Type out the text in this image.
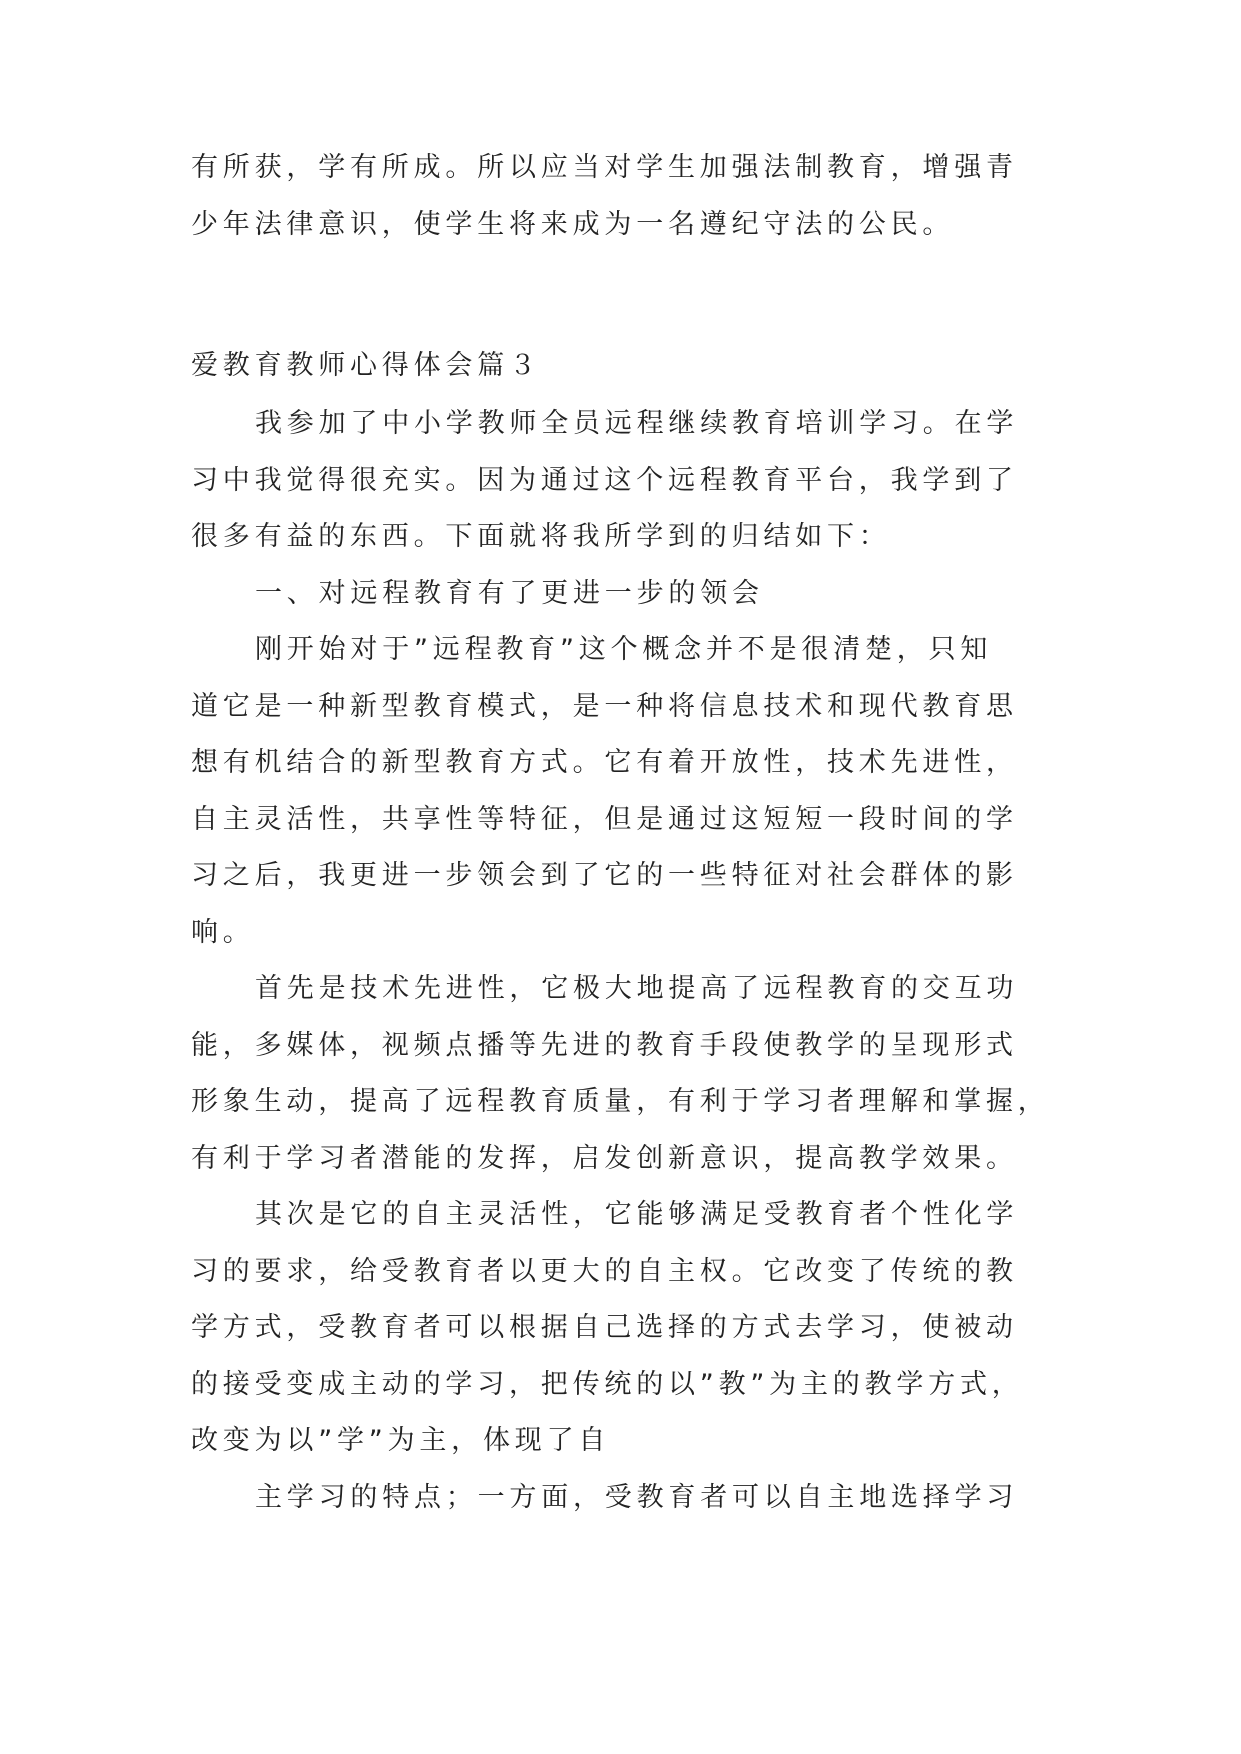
有所获，学有所成。所以应当对学生加强法制教育，增强青
少年法律意识，使学生将来成为一名遵纪守法的公民。
爱教育教师心得体会篇３
我参加了中小学教师全员远程继续教育培训学习。在学
习中我觉得很充实。因为通过这个远程教育平台，我学到了
很多有益的东西。下面就将我所学到的归结如下：
一、对远程教育有了更进一步的领会
刚开始对于”远程教育”这个概念并不是很清楚，只知
道它是一种新型教育模式，是一种将信息技术和现代教育思
想有机结合的新型教育方式。它有着开放性，技术先进性，
自主灵活性，共享性等特征，但是通过这短短一段时间的学
习之后，我更进一步领会到了它的一些特征对社会群体的影
响。
首先是技术先进性，它极大地提高了远程教育的交互功
能，多媒体，视频点播等先进的教育手段使教学的呈现形式
形象生动，提高了远程教育质量，有利于学习者理解和掌握，
有利于学习者潜能的发挥，启发创新意识，提高教学效果。
其次是它的自主灵活性，它能够满足受教育者个性化学
习的要求，给受教育者以更大的自主权。它改变了传统的教
学方式，受教育者可以根据自己选择的方式去学习，使被动
的接受变成主动的学习，把传统的以”教”为主的教学方式，
改变为以”学”为主，体现了自
主学习的特点；一方面，受教育者可以自主地选择学习
